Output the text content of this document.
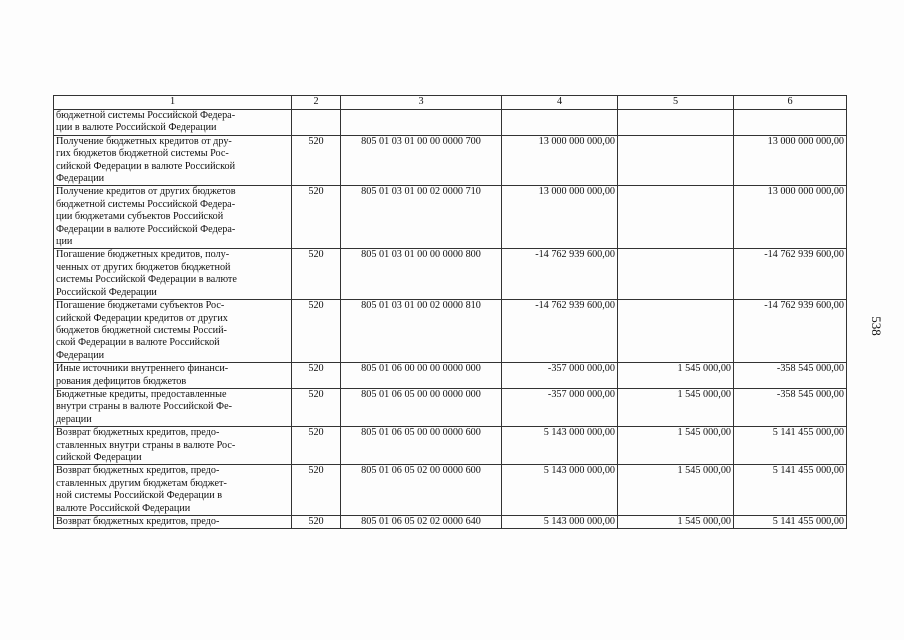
1	2	3	4	5	6

бюджетной системы Российской Федера-
ции в валюте Российской Федерации					

Получение бюджетных кредитов от дру-
гих бюджетов бюджетной системы Рос-
сийской Федерации в валюте Российской
Федерации	520	805 01 03 01 00 00 0000 700	13 000 000 000,00		13 000 000 000,00

Получение кредитов от других бюджетов
бюджетной системы Российской Федера-
ции бюджетами субъектов Российской
Федерации в валюте Российской Федера-
ции	520	805 01 03 01 00 02 0000 710	13 000 000 000,00		13 000 000 000,00

Погашение бюджетных кредитов, полу-
ченных от других бюджетов бюджетной
системы Российской Федерации в валюте
Российской Федерации	520	805 01 03 01 00 00 0000 800	-14 762 939 600,00		-14 762 939 600,00

Погашение бюджетами субъектов Рос-
сийской Федерации кредитов от других
бюджетов бюджетной системы Россий-
ской Федерации в валюте Российской
Федерации	520	805 01 03 01 00 02 0000 810	-14 762 939 600,00		-14 762 939 600,00

Иные источники внутреннего финанси-
рования дефицитов бюджетов	520	805 01 06 00 00 00 0000 000	-357 000 000,00	1 545 000,00	-358 545 000,00

Бюджетные кредиты, предоставленные
внутри страны в валюте Российской Фе-
дерации	520	805 01 06 05 00 00 0000 000	-357 000 000,00	1 545 000,00	-358 545 000,00

Возврат бюджетных кредитов, предо-
ставленных внутри страны в валюте Рос-
сийской Федерации	520	805 01 06 05 00 00 0000 600	5 143 000 000,00	1 545 000,00	5 141 455 000,00

Возврат бюджетных кредитов, предо-
ставленных другим бюджетам бюджет-
ной системы Российской Федерации в
валюте Российской Федерации	520	805 01 06 05 02 00 0000 600	5 143 000 000,00	1 545 000,00	5 141 455 000,00

Возврат бюджетных кредитов, предо-	520	805 01 06 05 02 02 0000 640	5 143 000 000,00	1 545 000,00	5 141 455 000,00
538
